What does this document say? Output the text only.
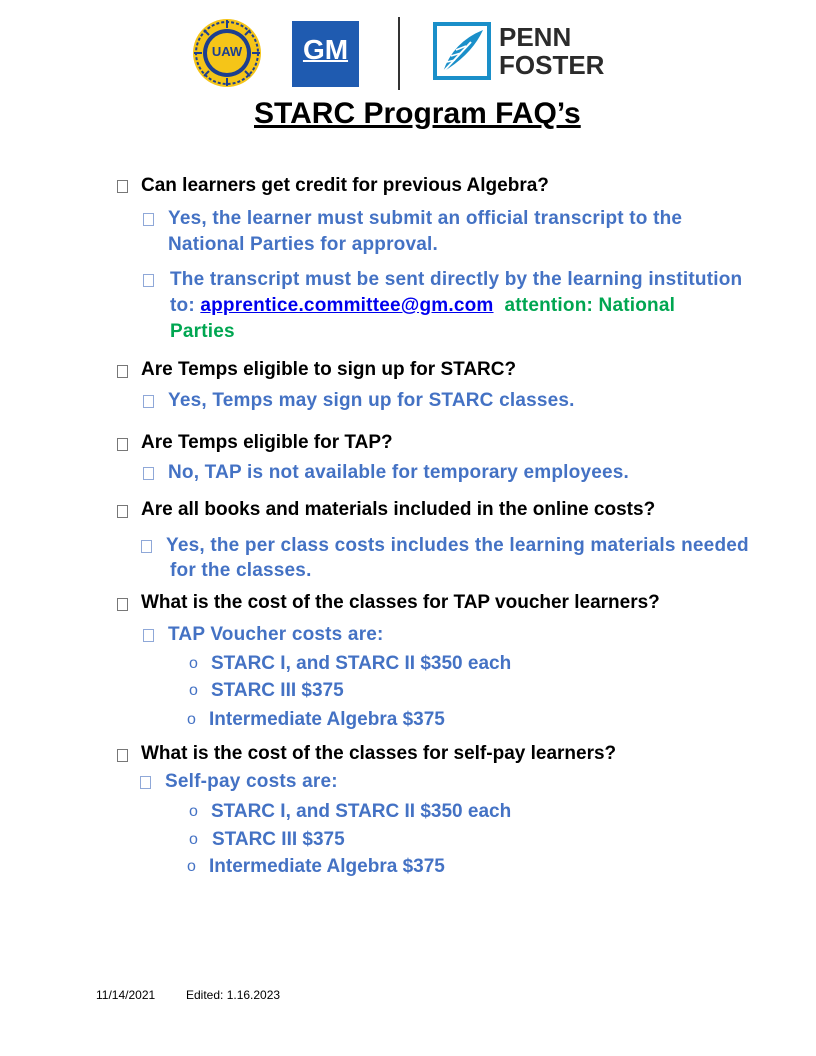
UAW	GM	PENN
FOSTER
STARC Program FAQ’s
Can learners get credit for previous Algebra?
Yes, the learner must submit an official transcript to the
National Parties for approval.
The transcript must be sent directly by the learning institution
to: apprentice.committee@gm.com attention: National
Parties
Are Temps eligible to sign up for STARC?
Yes, Temps may sign up for STARC classes.
Are Temps eligible for TAP?
No, TAP is not available for temporary employees.
Are all books and materials included in the online costs?
Yes, the per class costs includes the learning materials needed
for the classes.
What is the cost of the classes for TAP voucher learners?
TAP Voucher costs are:
o STARC I, and STARC II $350 each
o STARC III $375
o Intermediate Algebra $375
What is the cost of the classes for self-pay learners?
Self-pay costs are:
o STARC I, and STARC II $350 each
o STARC III $375
o Intermediate Algebra $375
11/14/2021	Edited: 1.16.2023
